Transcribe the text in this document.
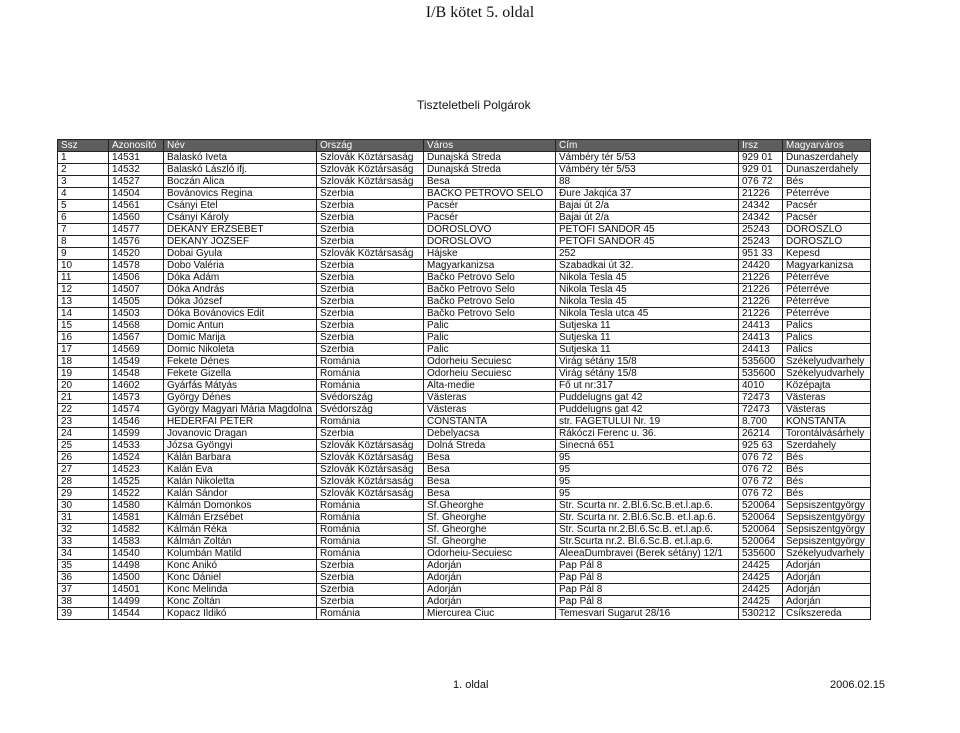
I/B kötet 5. oldal
Tiszteletbeli Polgárok
Ssz	Azonosító	Név	Ország	Város	Cím	Irsz	Magyarváros
1	14531	Balaskó Iveta	Szlovák Köztársaság	Dunajská Streda	Vámbéry tér 5/53	929 01	Dunaszerdahely
2	14532	Balaskó László ifj.	Szlovák Köztársaság	Dunajská Streda	Vámbéry tér 5/53	929 01	Dunaszerdahely
3	14527	Boczán Alica	Szlovák Köztársaság	Besa	88	076 72	Bés
4	14504	Bovánovics Regina	Szerbia	BAČKO PETROVO SELO	Đure Jakqića 37	21226	Péterréve
5	14561	Csányi Etel	Szerbia	Pacsér	Bajai út 2/a	24342	Pacsér
6	14560	Csányi Károly	Szerbia	Pacsér	Bajai út 2/a	24342	Pacsér
7	14577	DÉKÁNY ERZSÉBET	Szerbia	DOROSLOVO	PETŐFI SÁNDOR 45	25243	DOROSZLÓ
8	14576	DÉKÁNY JÓZSEF	Szerbia	DOROSLOVO	PETŐFI SÁNDOR 45	25243	DOROSZLÓ
9	14520	Dobai Gyula	Szlovák Köztársaság	Hájske	252	951 33	Kepesd
10	14578	Dobo Valéria	Szerbia	Magyarkanizsa	Szabadkai út 32.	24420	Magyarkanizsa
11	14506	Dóka Ádám	Szerbia	Bačko Petrovo Selo	Nikola Tesla 45	21226	Péterréve
12	14507	Dóka András	Szerbia	Bačko Petrovo Selo	Nikola Tesla 45	21226	Péterréve
13	14505	Dóka József	Szerbia	Bačko Petrovo Selo	Nikola Tesla 45	21226	Péterréve
14	14503	Dóka Bovánovics Edit	Szerbia	Bačko Petrovo Selo	Nikola Tesla utca 45	21226	Péterréve
15	14568	Domic Antun	Szerbia	Palic	Sutjeska 11	24413	Palics
16	14567	Domic Marija	Szerbia	Palic	Sutjeska 11	24413	Palics
17	14569	Domic Nikoleta	Szerbia	Palic	Sutjeska 11	24413	Palics
18	14549	Fekete Dénes	Románia	Odorheiu Secuiesc	Virág sétány 15/8	535600	Székelyudvarhely
19	14548	Fekete Gizella	Románia	Odorheiu Secuiesc	Virág sétány 15/8	535600	Székelyudvarhely
20	14602	Gyárfás Mátyás	Románia	Alta-medie	Fő ut nr:317	4010	Középajta
21	14573	György Dénes	Svédország	Västeras	Puddelugns gat 42	72473	Västeras
22	14574	György Magyari Mária Magdolna	Svédország	Västeras	Puddelugns gat 42	72473	Västeras
23	14546	HEDERFAI PETER	Románia	CONSTANTA	str. FAGETULUI Nr. 19	8.700	KONSTANTA
24	14599	Jovanovic Dragan	Szerbia	Debelyacsa	Rákóczi Ferenc u. 36.	26214	Torontálvásárhely
25	14533	Józsa Gyöngyi	Szlovák Köztársaság	Dolná Streda	Sinecná 651	925 63	Szerdahely
26	14524	Kálán Barbara	Szlovák Köztársaság	Besa	95	076 72	Bés
27	14523	Kalán Éva	Szlovák Köztársaság	Besa	95	076 72	Bés
28	14525	Kalán Nikoletta	Szlovák Köztársaság	Besa	95	076 72	Bés
29	14522	Kalán Sándor	Szlovák Köztársaság	Besa	95	076 72	Bés
30	14580	Kálmán Domonkos	Románia	Sf.Gheorghe	Str. Scurta nr. 2.Bl.6.Sc.B.et.l.ap.6.	520064	Sepsiszentgyörgy
31	14581	Kálmán Erzsébet	Románia	Sf. Gheorghe	Str. Scurta nr. 2.Bl.6.Sc.B. et.l.ap.6.	520064	Sepsiszentgyörgy
32	14582	Kálmán Réka	Románia	Sf. Gheorghe	Str. Scurta nr.2.Bl.6.Sc.B. et.l.ap.6.	520064	Sepsiszentgyörgy
33	14583	Kálmán Zoltán	Románia	Sf. Gheorghe	Str.Scurta nr.2. Bl.6.Sc.B. et.l.ap.6.	520064	Sepsiszentgyörgy
34	14540	Kolumbán Matild	Románia	Odorheiu-Secuiesc	AleeaDumbravei (Berek sétány) 12/1	535600	Székelyudvarhely
35	14498	Konc Anikó	Szerbia	Adorján	Pap Pál 8	24425	Adorján
36	14500	Konc Dániel	Szerbia	Adorján	Pap Pál 8	24425	Adorján
37	14501	Konc Melinda	Szerbia	Adorján	Pap Pál 8	24425	Adorján
38	14499	Konc Zoltán	Szerbia	Adorján	Pap Pál 8	24425	Adorján
39	14544	Kopacz Ildikó	Románia	Miercurea Ciuc	Temesvari Sugarut 28/16	530212	Csíkszereda
1. oldal	2006.02.15
